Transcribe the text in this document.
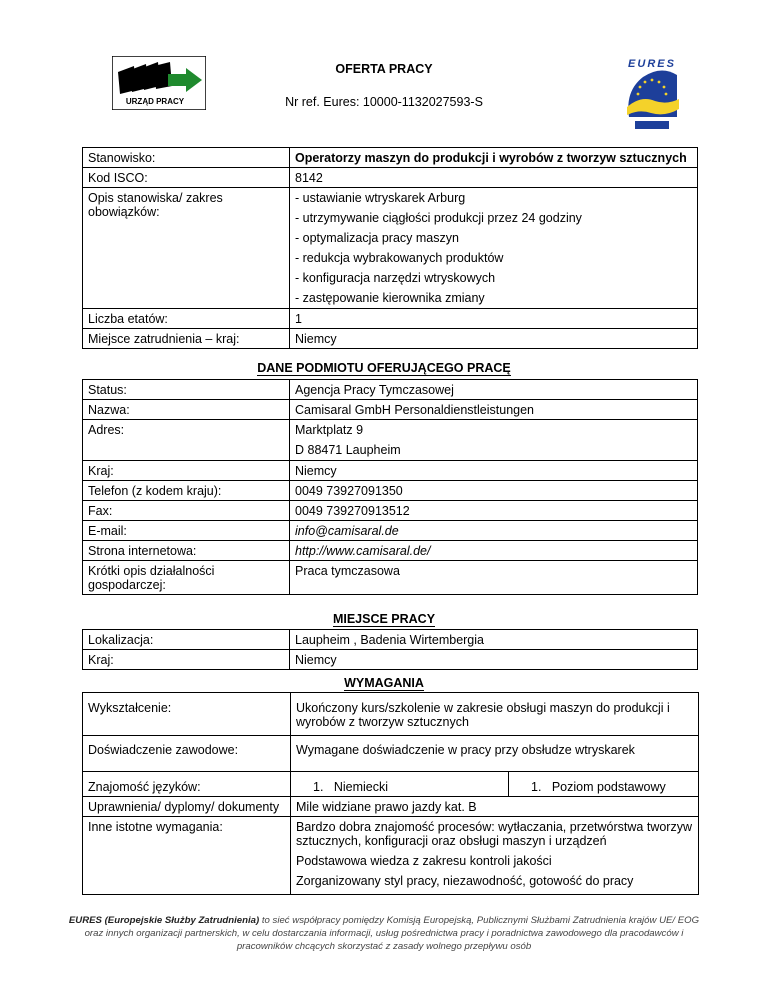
URZĄD PRACY
OFERTA PRACY
Nr ref. Eures: 10000-1132027593-S
EURES
Stanowisko:	Operatorzy maszyn do produkcji i wyrobów z tworzyw sztucznych
Kod ISCO:	8142
Opis stanowiska/ zakres obowiązków:	- ustawianie wtryskarek Arburg
	- utrzymywanie ciągłości produkcji przez 24 godziny
	- optymalizacja pracy maszyn
	- redukcja wybrakowanych produktów
	- konfiguracja narzędzi wtryskowych
	- zastępowanie kierownika zmiany
Liczba etatów:	1
Miejsce zatrudnienia – kraj:	Niemcy
DANE PODMIOTU OFERUJĄCEGO PRACĘ
Status:	Agencja Pracy Tymczasowej
Nazwa:	Camisaral GmbH Personaldienstleistungen
Adres:	Marktplatz 9
	D 88471 Laupheim
Kraj:	Niemcy
Telefon (z kodem kraju):	0049 73927091350
Fax:	0049 739270913512
E-mail:	info@camisaral.de
Strona internetowa:	http://www.camisaral.de/
Krótki opis działalności gospodarczej:	Praca tymczasowa
MIEJSCE PRACY
Lokalizacja:	Laupheim , Badenia Wirtembergia
Kraj:	Niemcy
WYMAGANIA
Wykształcenie:	Ukończony kurs/szkolenie w zakresie obsługi maszyn do produkcji i wyrobów z tworzyw sztucznych	
Doświadczenie zawodowe:	Wymagane doświadczenie w pracy przy obsłudze wtryskarek	
Znajomość języków:	1.   Niemiecki	1.   Poziom podstawowy
Uprawnienia/ dyplomy/ dokumenty	Mile widziane prawo jazdy kat. B	
Inne istotne wymagania:	Bardzo dobra znajomość procesów: wytłaczania, przetwórstwa tworzyw sztucznych, konfiguracji oraz obsługi maszyn i urządzeń	
	Podstawowa wiedza z zakresu kontroli jakości	
	Zorganizowany styl pracy, niezawodność, gotowość do pracy	
EURES (Europejskie Służby Zatrudnienia) to sieć współpracy pomiędzy Komisją Europejską, Publicznymi Służbami Zatrudnienia krajów UE/ EOG oraz innych organizacji partnerskich, w celu dostarczania informacji, usług pośrednictwa pracy i poradnictwa zawodowego dla pracodawców i pracowników chcących skorzystać z zasady wolnego przepływu osób
